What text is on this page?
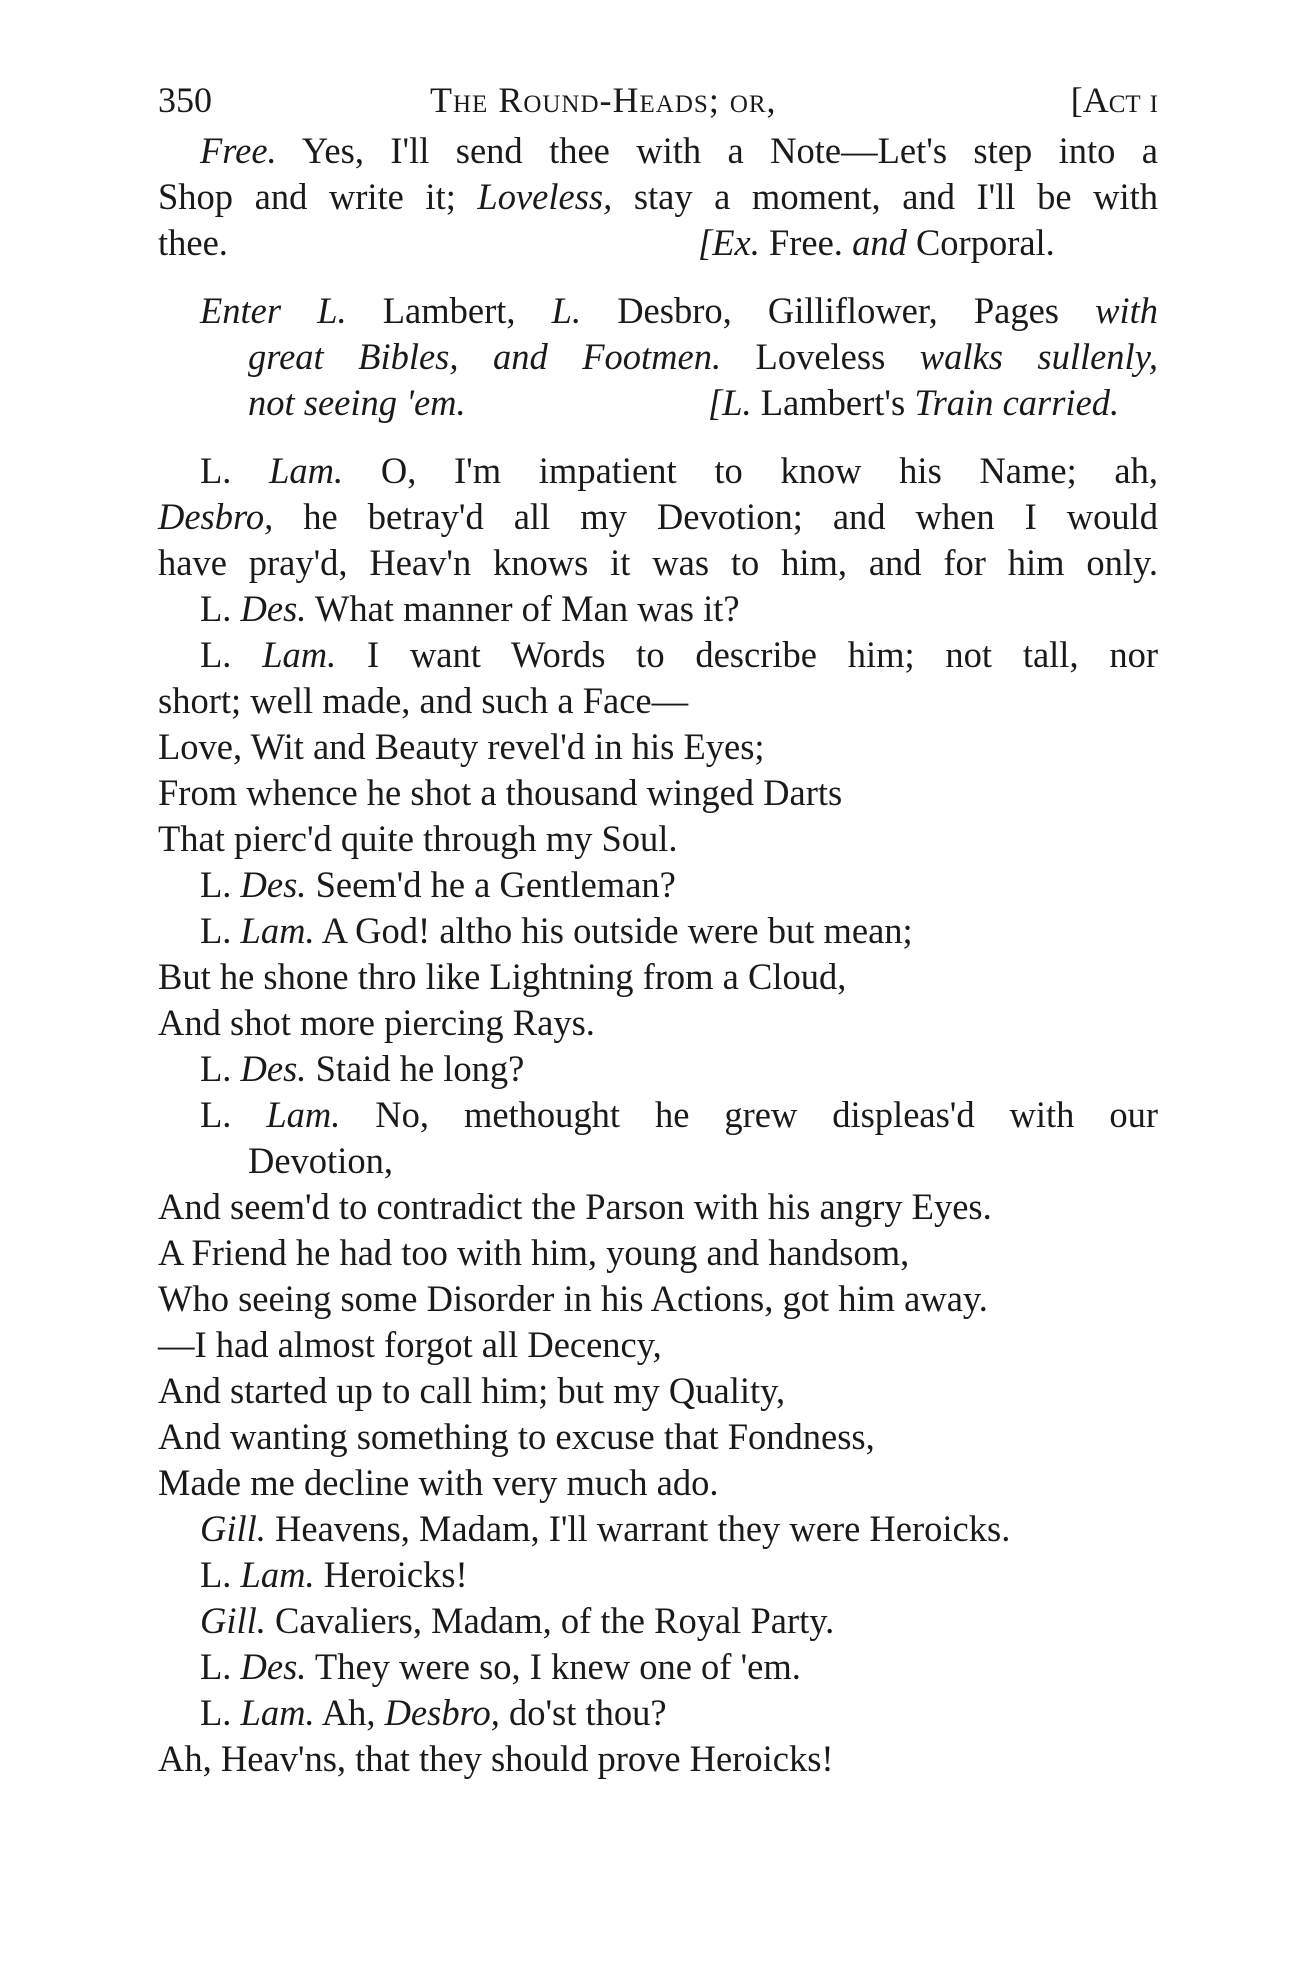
350	The Round-Heads; or,	[Act i
Free. Yes, I'll send thee with a Note—Let's step into a
Shop and write it; Loveless, stay a moment, and I'll be with
thee.	[Ex. Free. and Corporal.
Enter L. Lambert, L. Desbro, Gilliflower, Pages with
great Bibles, and Footmen. Loveless walks sullenly,
not seeing 'em.	[L. Lambert's Train carried.
L. Lam. O, I'm impatient to know his Name; ah,
Desbro, he betray'd all my Devotion; and when I would
have pray'd, Heav'n knows it was to him, and for him only.
L. Des. What manner of Man was it?
L. Lam. I want Words to describe him; not tall, nor
short; well made, and such a Face—
Love, Wit and Beauty revel'd in his Eyes;
From whence he shot a thousand winged Darts
That pierc'd quite through my Soul.
L. Des. Seem'd he a Gentleman?
L. Lam. A God! altho his outside were but mean;
But he shone thro like Lightning from a Cloud,
And shot more piercing Rays.
L. Des. Staid he long?
L. Lam. No, methought he grew displeas'd with our
Devotion,
And seem'd to contradict the Parson with his angry Eyes.
A Friend he had too with him, young and handsom,
Who seeing some Disorder in his Actions, got him away.
—I had almost forgot all Decency,
And started up to call him; but my Quality,
And wanting something to excuse that Fondness,
Made me decline with very much ado.
Gill. Heavens, Madam, I'll warrant they were Heroicks.
L. Lam. Heroicks!
Gill. Cavaliers, Madam, of the Royal Party.
L. Des. They were so, I knew one of 'em.
L. Lam. Ah, Desbro, do'st thou?
Ah, Heav'ns, that they should prove Heroicks!
